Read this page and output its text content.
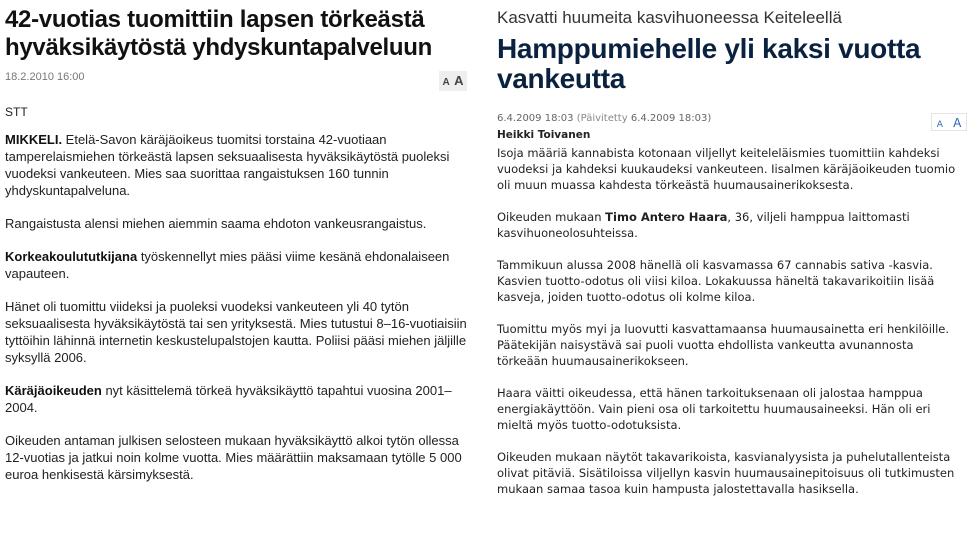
42-vuotias tuomittiin lapsen törkeästä hyväksikäytöstä yhdyskuntapalveluun
18.2.2010 16:00	A A
STT

MIKKELI. Etelä-Savon käräjäoikeus tuomitsi torstaina 42-vuotiaan tamperelaismiehen törkeästä lapsen seksuaalisesta hyväksikäytöstä puoleksi vuodeksi vankeuteen. Mies saa suorittaa rangaistuksen 160 tunnin yhdyskuntapalveluna.

Rangaistusta alensi miehen aiemmin saama ehdoton vankeusrangaistus.

Korkeakoulututkijana työskennellyt mies pääsi viime kesänä ehdonalaiseen vapauteen.

Hänet oli tuomittu viideksi ja puoleksi vuodeksi vankeuteen yli 40 tytön seksuaalisesta hyväksikäytöstä tai sen yrityksestä. Mies tutustui 8–16-vuotiaisiin tyttöihin lähinnä internetin keskustelupalstojen kautta. Poliisi pääsi miehen jäljille syksyllä 2006.

Käräjäoikeuden nyt käsittelemä törkeä hyväksikäyttö tapahtui vuosina 2001–2004.

Oikeuden antaman julkisen selosteen mukaan hyväksikäyttö alkoi tytön ollessa 12-vuotias ja jatkui noin kolme vuotta. Mies määrättiin maksamaan tytölle 5 000 euroa henkisestä kärsimyksestä.

Kasvatti huumeita kasvihuoneessa Keiteleellä
Hamppumiehelle yli kaksi vuotta vankeutta
6.4.2009 18:03 (Päivitetty 6.4.2009 18:03)
A A
Heikki Toivanen

Isoja määriä kannabista kotonaan viljellyt keiteleläismies tuomittiin kahdeksi vuodeksi ja kahdeksi kuukaudeksi vankeuteen. Iisalmen käräjäoikeuden tuomio oli muun muassa kahdesta törkeästä huumausainerikoksesta.

Oikeuden mukaan Timo Antero Haara, 36, viljeli hamppua laittomasti kasvihuoneolosuhteissa.

Tammikuun alussa 2008 hänellä oli kasvamassa 67 cannabis sativa -kasvia. Kasvien tuotto-odotus oli viisi kiloa. Lokakuussa häneltä takavarikoitiin lisää kasveja, joiden tuotto-odotus oli kolme kiloa.

Tuomittu myös myi ja luovutti kasvattamaansa huumausainetta eri henkilöille. Päätekijän naisystävä sai puoli vuotta ehdollista vankeutta avunannosta törkeään huumausainerikokseen.

Haara väitti oikeudessa, että hänen tarkoituksenaan oli jalostaa hamppua energiakäyttöön. Vain pieni osa oli tarkoitettu huumausaineeksi. Hän oli eri mieltä myös tuotto-odotuksista.

Oikeuden mukaan näytöt takavarikoista, kasvianalyysista ja puhelutallenteista olivat pitäviä. Sisätiloissa viljellyn kasvin huumausainepitoisuus oli tutkimusten mukaan samaa tasoa kuin hampusta jalostettavalla hasiksella.
